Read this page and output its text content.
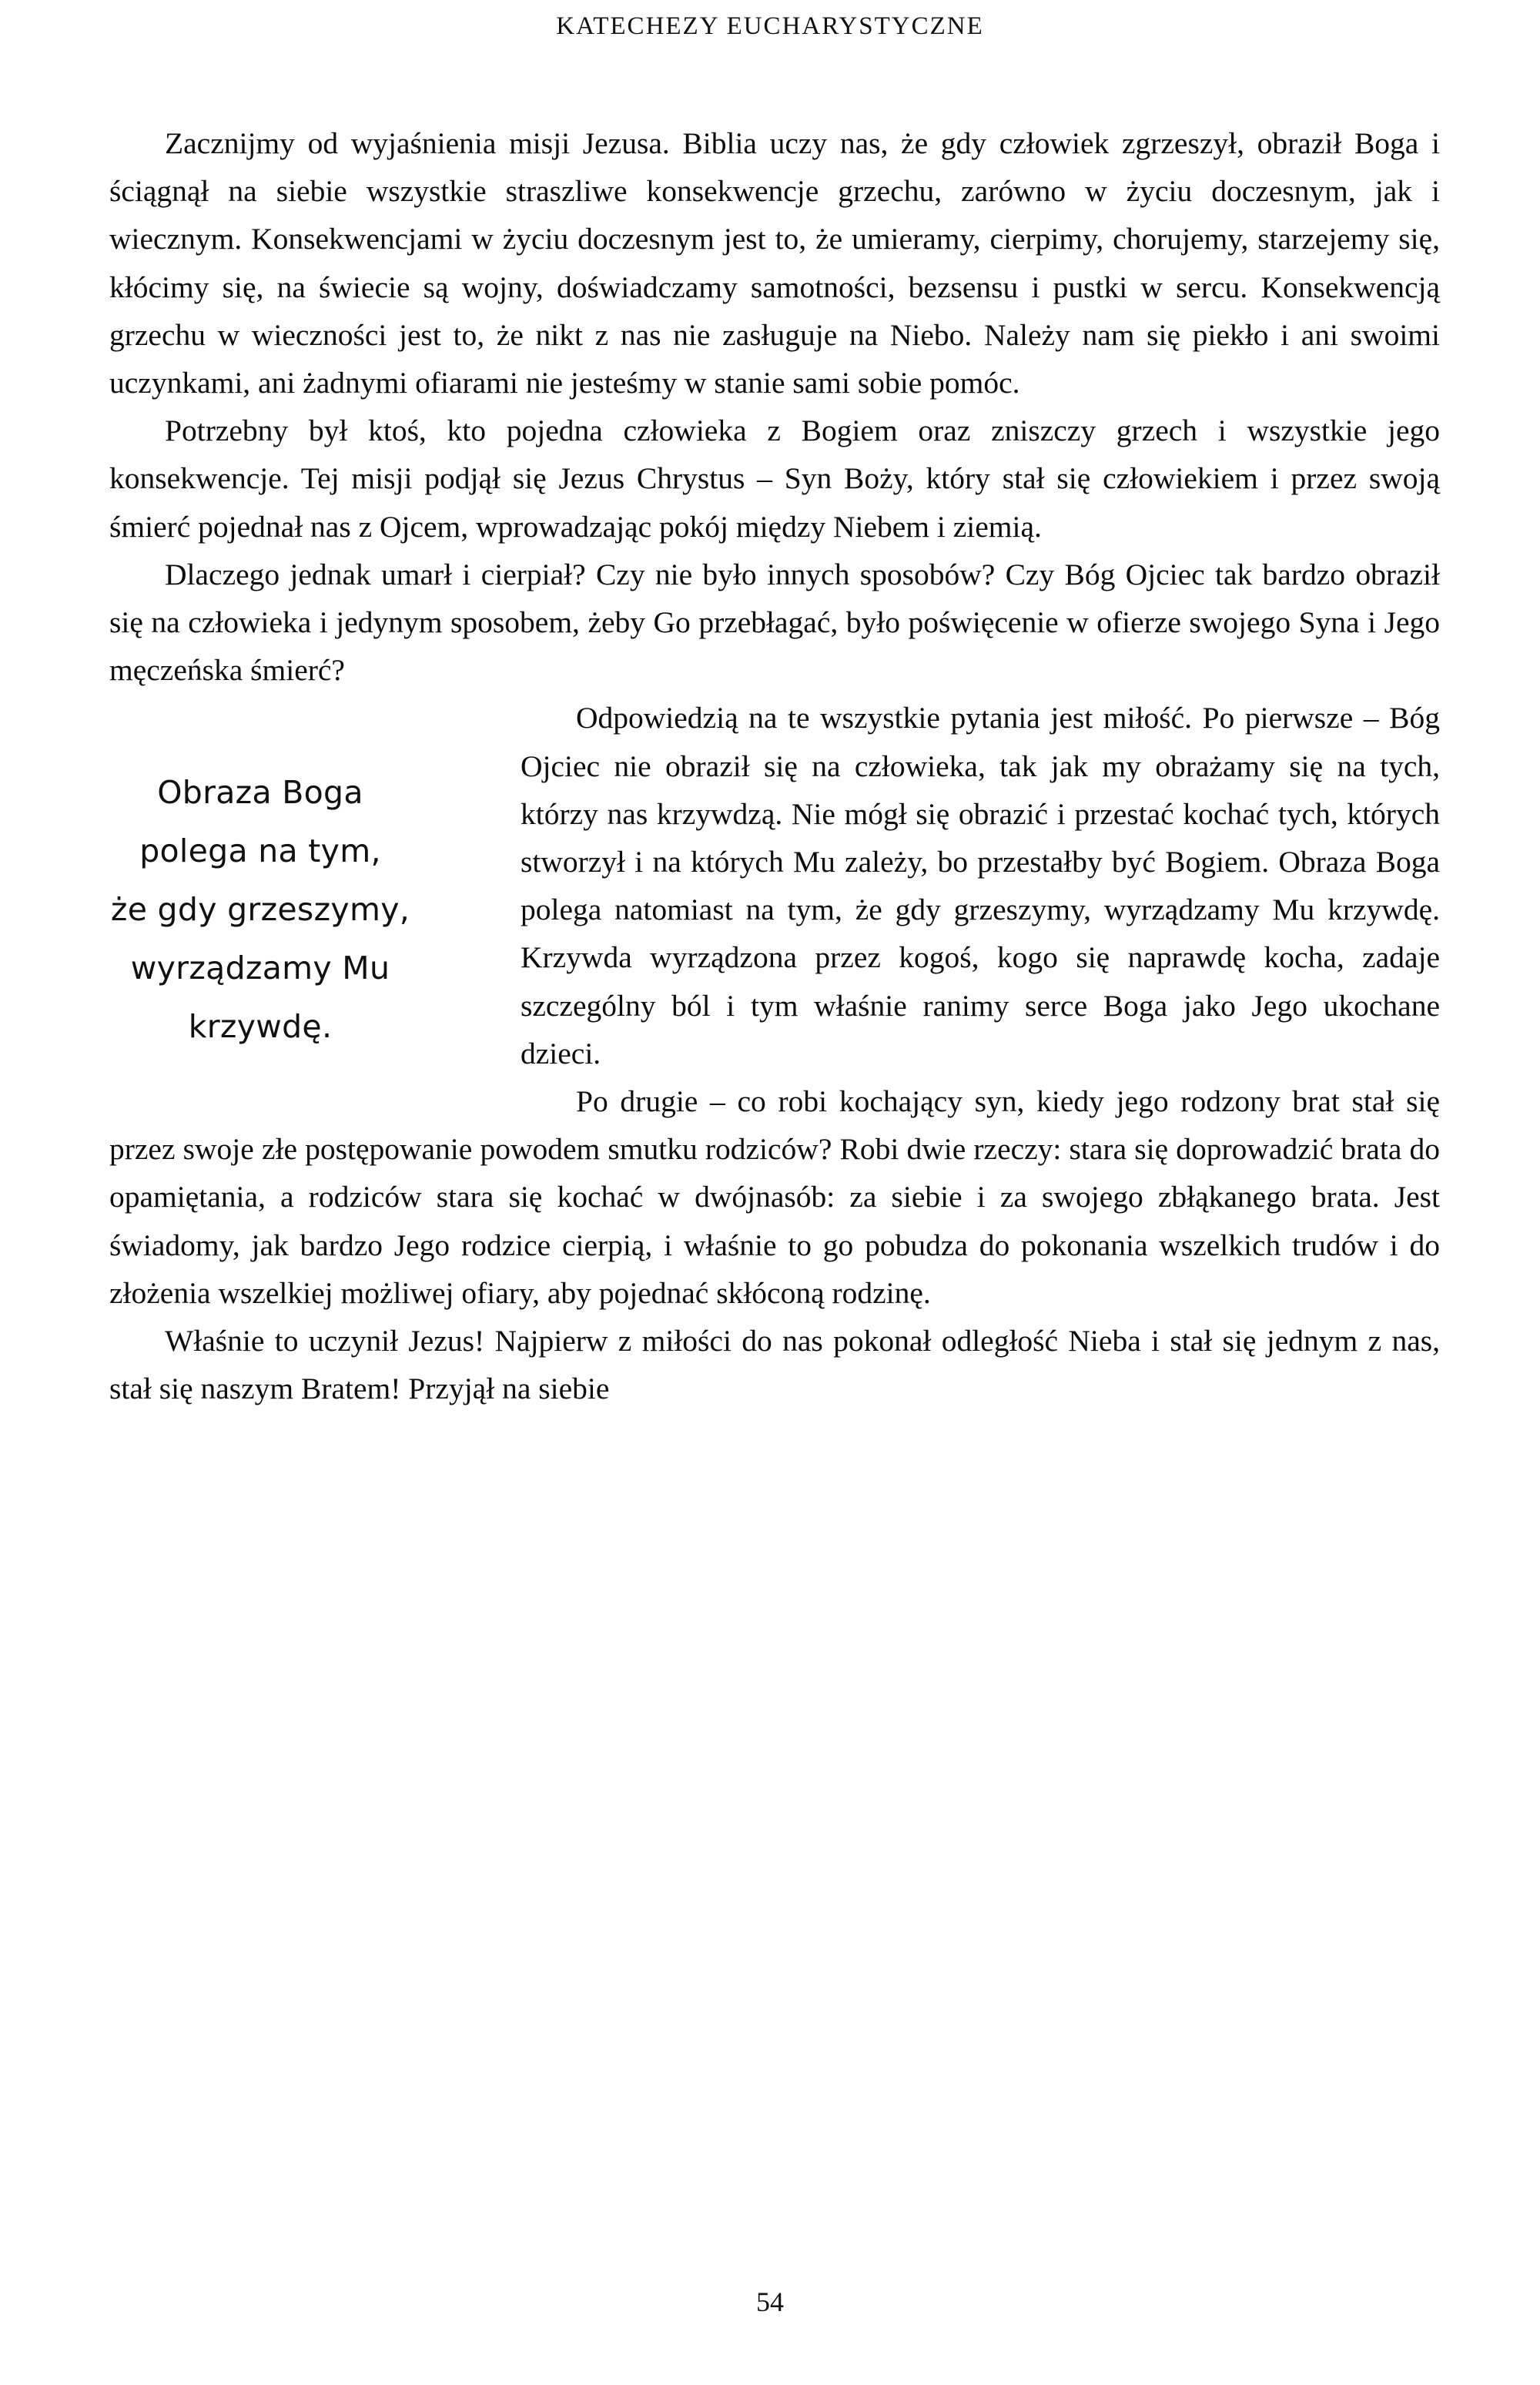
KATECHEZY EUCHARYSTYCZNE

Zacznijmy od wyjaśnienia misji Jezusa. Biblia uczy nas, że gdy człowiek zgrzeszył, obraził Boga i ściągnął na siebie wszystkie straszliwe konsekwencje grzechu, zarówno w życiu doczesnym, jak i wiecznym. Konsekwencjami w życiu doczesnym jest to, że umieramy, cierpimy, chorujemy, starzejemy się, kłócimy się, na świecie są wojny, doświadczamy samotności, bezsensu i pustki w sercu. Konsekwencją grzechu w wieczności jest to, że nikt z nas nie zasługuje na Niebo. Należy nam się piekło i ani swoimi uczynkami, ani żadnymi ofiarami nie jesteśmy w stanie sami sobie pomóc.

Potrzebny był ktoś, kto pojedna człowieka z Bogiem oraz zniszczy grzech i wszystkie jego konsekwencje. Tej misji podjął się Jezus Chrystus – Syn Boży, który stał się człowiekiem i przez swoją śmierć pojednał nas z Ojcem, wprowadzając pokój między Niebem i ziemią.

Dlaczego jednak umarł i cierpiał? Czy nie było innych sposobów? Czy Bóg Ojciec tak bardzo obraził się na człowieka i jedynym sposobem, żeby Go przebłagać, było poświęcenie w ofierze swojego Syna i Jego męczeńska śmierć?

Obraza Boga
polega na tym,
że gdy grzeszymy,
wyrządzamy Mu
krzywdę.
Odpowiedzią na te wszystkie pytania jest miłość. Po pierwsze – Bóg Ojciec nie obraził się na człowieka, tak jak my obrażamy się na tych, którzy nas krzywdzą. Nie mógł się obrazić i przestać kochać tych, których stworzył i na których Mu zależy, bo przestałby być Bogiem. Obraza Boga polega natomiast na tym, że gdy grzeszymy, wyrządzamy Mu krzywdę. Krzywda wyrządzona przez kogoś, kogo się naprawdę kocha, zadaje szczególny ból i tym właśnie ranimy serce Boga jako Jego ukochane dzieci.

Po drugie – co robi kochający syn, kiedy jego rodzony brat stał się przez swoje złe postępowanie powodem smutku rodziców? Robi dwie rzeczy: stara się doprowadzić brata do opamiętania, a rodziców stara się kochać w dwójnasób: za siebie i za swojego zbłąkanego brata. Jest świadomy, jak bardzo Jego rodzice cierpią, i właśnie to go pobudza do pokonania wszelkich trudów i do złożenia wszelkiej możliwej ofiary, aby pojednać skłóconą rodzinę.

Właśnie to uczynił Jezus! Najpierw z miłości do nas pokonał odległość Nieba i stał się jednym z nas, stał się naszym Bratem! Przyjął na siebie

54
